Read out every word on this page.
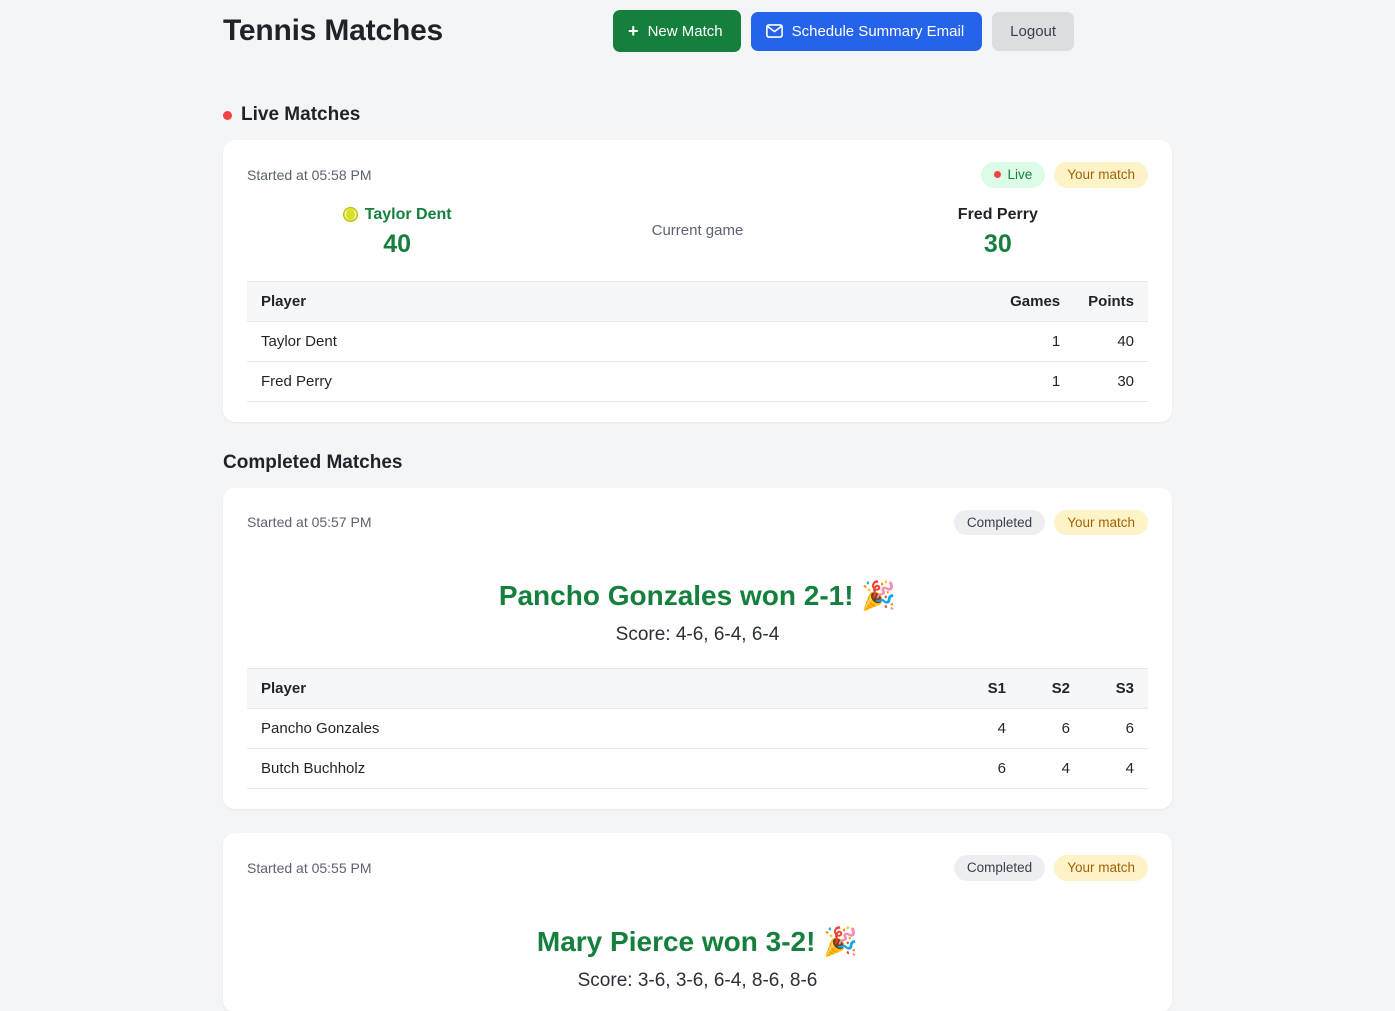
Tennis Matches	+ New Match	Schedule Summary Email	Logout
Live Matches
Started at 05:58 PM	Live	Your match
Taylor Dent
40	Current game
Fred Perry
30
Player	Games	Points
Taylor Dent	1	40
Fred Perry	1	30
Completed Matches
Started at 05:57 PM	Completed	Your match
Pancho Gonzales won 2-1! 🎉
Score: 4-6, 6-4, 6-4
Player	S1	S2	S3
Pancho Gonzales	4	6	6
Butch Buchholz	6	4	4
Started at 05:55 PM	Completed	Your match
Mary Pierce won 3-2! 🎉
Score: 3-6, 3-6, 6-4, 8-6, 8-6
